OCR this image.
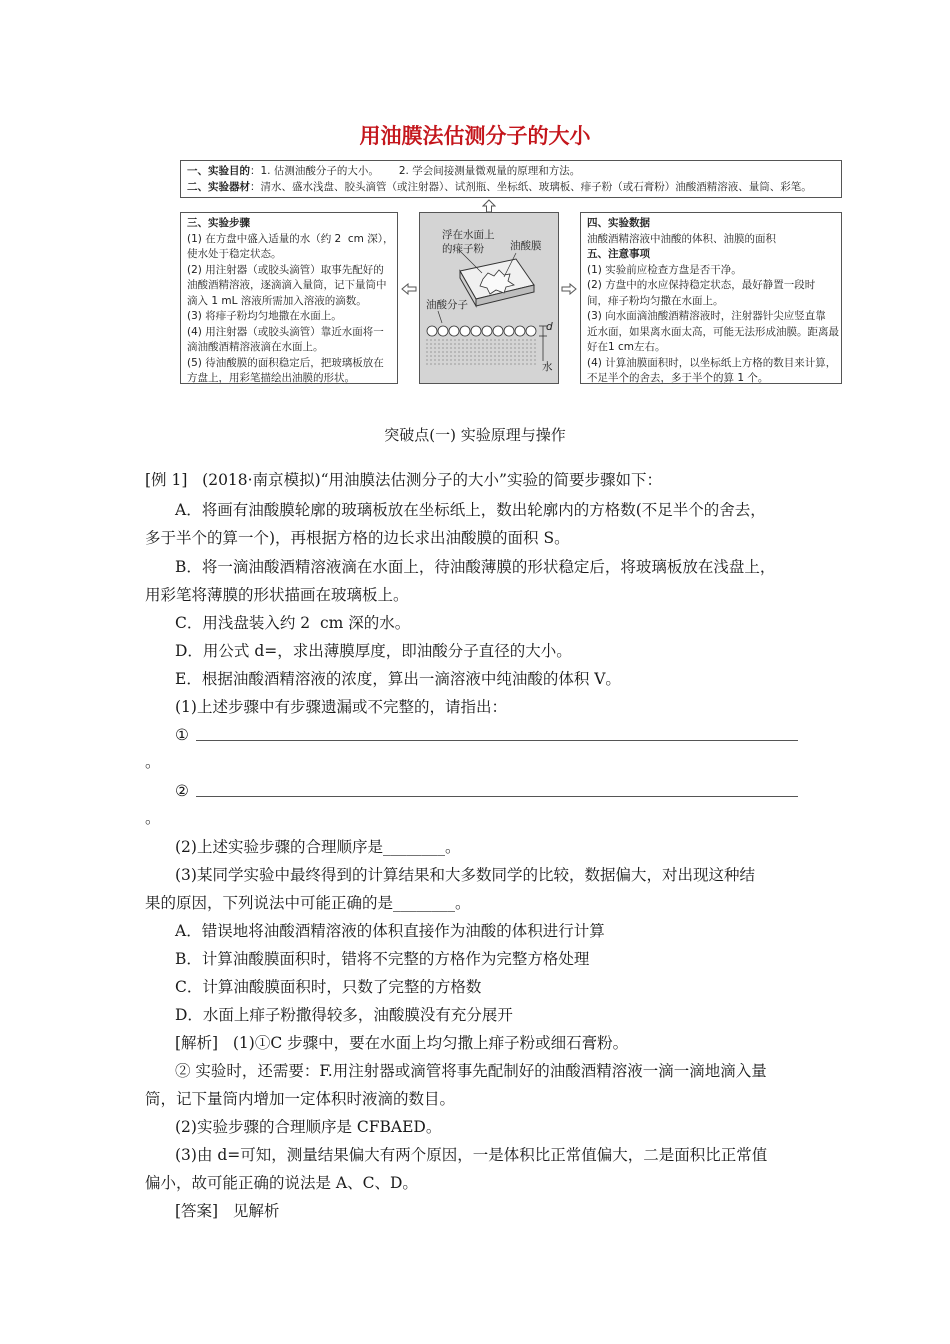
用油膜法估测分子的大小
一、实验目的：1. 估测油酸分子的大小。      2. 学会间接测量微观量的原理和方法。
二、实验器材：清水、盛水浅盘、胶头滴管（或注射器）、试剂瓶、坐标纸、玻璃板、痱子粉（或石膏粉）油酸酒精溶液、量筒、彩笔。
三、实验步骤
(1) 在方盘中盛入适量的水（约 2  cm 深），
使水处于稳定状态。
(2) 用注射器（或胶头滴管）取事先配好的
油酸酒精溶液，逐滴滴入量筒，记下量筒中
滴入 1 mL 溶液所需加入溶液的滴数。
(3) 将痱子粉均匀地撒在水面上。
(4) 用注射器（或胶头滴管）靠近水面将一
滴油酸酒精溶液滴在水面上。
(5) 待油酸膜的面积稳定后，把玻璃板放在
方盘上，用彩笔描绘出油膜的形状。
浮在水面上
的痱子粉 油酸膜
油酸分子
d
水
四、实验数据
油酸酒精溶液中油酸的体积、油膜的面积
五、注意事项
(1) 实验前应检查方盘是否干净。
(2) 方盘中的水应保持稳定状态，最好静置一段时
间，痱子粉均匀撒在水面上。
(3) 向水面滴油酸酒精溶液时，注射器针尖应竖直靠
近水面，如果离水面太高，可能无法形成油膜。距离最
好在1 cm左右。
(4) 计算油膜面积时，以坐标纸上方格的数目来计算，
不足半个的舍去，多于半个的算 1 个。
突破点(一) 实验原理与操作
[例 1]   (2018·南京模拟)“用油膜法估测分子的大小”实验的简要步骤如下：
A．将画有油酸膜轮廓的玻璃板放在坐标纸上，数出轮廓内的方格数(不足半个的舍去，
多于半个的算一个)，再根据方格的边长求出油酸膜的面积 S。
B．将一滴油酸酒精溶液滴在水面上，待油酸薄膜的形状稳定后，将玻璃板放在浅盘上，
用彩笔将薄膜的形状描画在玻璃板上。
C．用浅盘装入约 2  cm 深的水。
D．用公式 d=，求出薄膜厚度，即油酸分子直径的大小。
E．根据油酸酒精溶液的浓度，算出一滴溶液中纯油酸的体积 V。
(1)上述步骤中有步骤遗漏或不完整的，请指出：
①
。
②
。
(2)上述实验步骤的合理顺序是________。
(3)某同学实验中最终得到的计算结果和大多数同学的比较，数据偏大，对出现这种结
果的原因，下列说法中可能正确的是________。
A．错误地将油酸酒精溶液的体积直接作为油酸的体积进行计算
B．计算油酸膜面积时，错将不完整的方格作为完整方格处理
C．计算油酸膜面积时，只数了完整的方格数
D．水面上痱子粉撒得较多，油酸膜没有充分展开
[解析]   (1)①C 步骤中，要在水面上均匀撒上痱子粉或细石膏粉。
② 实验时，还需要：F.用注射器或滴管将事先配制好的油酸酒精溶液一滴一滴地滴入量
筒，记下量筒内增加一定体积时液滴的数目。
(2)实验步骤的合理顺序是 CFBAED。
(3)由 d=可知，测量结果偏大有两个原因，一是体积比正常值偏大，二是面积比正常值
偏小，故可能正确的说法是 A、C、D。
[答案]   见解析
